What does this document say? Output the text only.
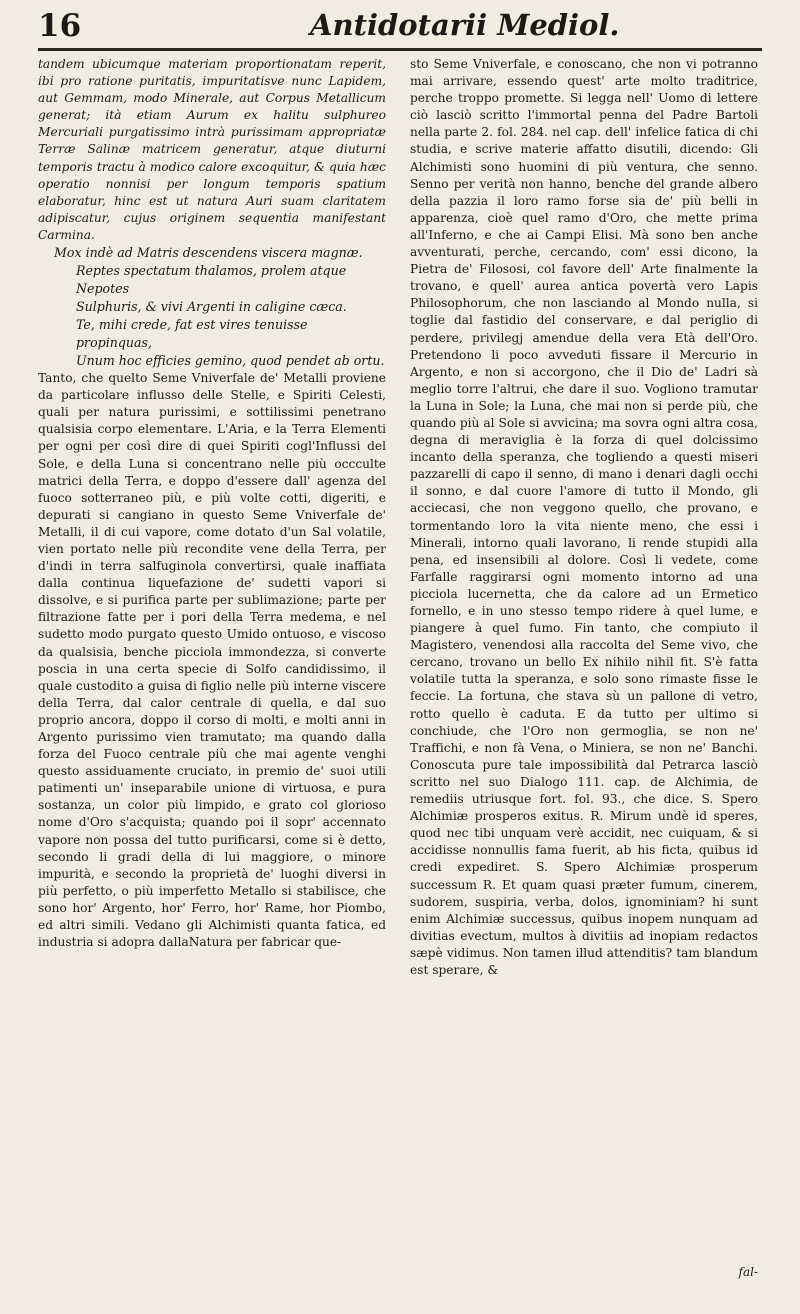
16	Antidotarii Mediol.

tandem ubicumque materiam proportionatam reperit, ibi pro ratione puritatis, impuritatisve nunc Lapidem, aut Gemmam, modo Minerale, aut Corpus Metallicum generat; ità etiam Aurum ex halitu sulphureo Mercuriali purgatissimo intrà purissimam appropriatæ Terræ Salinæ matricem generatur, atque diuturni temporis tractu à modico calore excoquitur, & quia hæc operatio nonnisi per longum temporis spatium elaboratur, hinc est ut natura Auri suam claritatem adipiscatur, cujus originem sequentia manifestant Carmina.

Mox indè ad Matris descendens viscera magnæ.
Reptes spectatum thalamos, prolem atque Nepotes
Sulphuris, & vivi Argenti in caligine cæca.
Te, mihi crede, fat est vires tenuisse propinquas,
Unum hoc efficies gemino, quod pendet ab ortu.

Tanto, che quelto Seme Vniverfale de' Metalli proviene da particolare influsso delle Stelle, e Spiriti Celesti, quali per natura purissimi, e sottilissimi penetrano qualsisia corpo elementare. L'Aria, e la Terra Elementi per ogni per così dire di quei Spiriti cogl'Influssi del Sole, e della Luna si concentrano nelle più occculte matrici della Terra, e doppo d'essere dall' agenza del fuoco sotterraneo più, e più volte cotti, digeriti, e depurati si cangiano in questo Seme Vniverfale de' Metalli, il di cui vapore, come dotato d'un Sal volatile, vien portato nelle più recondite vene della Terra, per d'indi in terra salfuginola convertirsi, quale inaffiata dalla continua liquefazione de' sudetti vapori si dissolve, e si purifica parte per sublimazione; parte per filtrazione fatte per i pori della Terra medema, e nel sudetto modo purgato questo Umido ontuoso, e viscoso da qualsisia, benche picciola immondezza, si converte poscia in una certa specie di Solfo candidissimo, il quale custodito a guisa di figlio nelle più interne viscere della Terra, dal calor centrale di quella, e dal suo proprio ancora, doppo il corso di molti, e molti anni in Argento purissimo vien tramutato; ma quando dalla forza del Fuoco centrale più che mai agente venghi questo assiduamente cruciato, in premio de' suoi utili patimenti un' inseparabile unione di virtuosa, e pura sostanza, un color più limpido, e grato col glorioso nome d'Oro s'acquista; quando poi il sopr' accennato vapore non possa del tutto purificarsi, come si è detto, secondo li gradi della di lui maggiore, o minore impurità, e secondo la proprietà de' luoghi diversi in più perfetto, o più imperfetto Metallo si stabilisce, che sono hor' Argento, hor' Ferro, hor' Rame, hor Piombo, ed altri simili. Vedano gli Alchimisti quanta fatica, ed industria si adopra dallaNatura per fabricar que-

sto Seme Vniverfale, e conoscano, che non vi potranno mai arrivare, essendo quest' arte molto traditrice, perche troppo promette. Si legga nell' Uomo di lettere ciò lasciò scritto l'immortal penna del Padre Bartoli nella parte 2. fol. 284. nel cap. dell' infelice fatica di chi studia, e scrive materie affatto disutili, dicendo: Gli Alchimisti sono huomini di più ventura, che senno. Senno per verità non hanno, benche del grande albero della pazzia il loro ramo forse sia de' più belli in apparenza, cioè quel ramo d'Oro, che mette prima all'Inferno, e che ai Campi Elisi. Mà sono ben anche avventurati, perche, cercando, com' essi dicono, la Pietra de' Filososi, col favore dell' Arte finalmente la trovano, e quell' aurea antica povertà vero Lapis Philosophorum, che non lasciando al Mondo nulla, si toglie dal fastidio del conservare, e dal periglio di perdere, privilegj amendue della vera Età dell'Oro. Pretendono li poco avveduti fissare il Mercurio in Argento, e non si accorgono, che il Dio de' Ladri sà meglio torre l'altrui, che dare il suo. Vogliono tramutar la Luna in Sole; la Luna, che mai non si perde più, che quando più al Sole si avvicina; ma sovra ogni altra cosa, degna di meraviglia è la forza di quel dolcissimo incanto della speranza, che togliendo a questi miseri pazzarelli di capo il senno, di mano i denari dagli occhi il sonno, e dal cuore l'amore di tutto il Mondo, gli acciecasi, che non veggono quello, che provano, e tormentando loro la vita niente meno, che essi i Minerali, intorno quali lavorano, li rende stupidi alla pena, ed insensibili al dolore. Così li vedete, come Farfalle raggirarsi ogni momento intorno ad una picciola lucernetta, che da calore ad un Ermetico fornello, e in uno stesso tempo ridere à quel lume, e piangere à quel fumo. Fin tanto, che compiuto il Magistero, venendosi alla raccolta del Seme vivo, che cercano, trovano un bello Ex nihilo nihil fit. S'è fatta volatile tutta la speranza, e solo sono rimaste fisse le feccie. La fortuna, che stava sù un pallone di vetro, rotto quello è caduta. E da tutto per ultimo si conchiude, che l'Oro non germoglia, se non ne' Traffichi, e non fà Vena, o Miniera, se non ne' Banchi. Conoscuta pure tale impossibilità dal Petrarca lasciò scritto nel suo Dialogo 111. cap. de Alchimia, de remediis utriusque fort. fol. 93., che dice. S. Spero Alchimiæ prosperos exitus. R. Mirum undè id speres, quod nec tibi unquam verè accidit, nec cuiquam, & si accidisse nonnullis fama fuerit, ab his ficta, quibus id credi expediret. S. Spero Alchimiæ prosperum successum R. Et quam quasi præter fumum, cinerem, sudorem, suspiria, verba, dolos, ignominiam? hi sunt enim Alchimiæ successus, quibus inopem nunquam ad divitias evectum, multos à divitiis ad inopiam redactos sæpè vidimus. Non tamen illud attenditis? tam blandum est sperare, &

fal-
